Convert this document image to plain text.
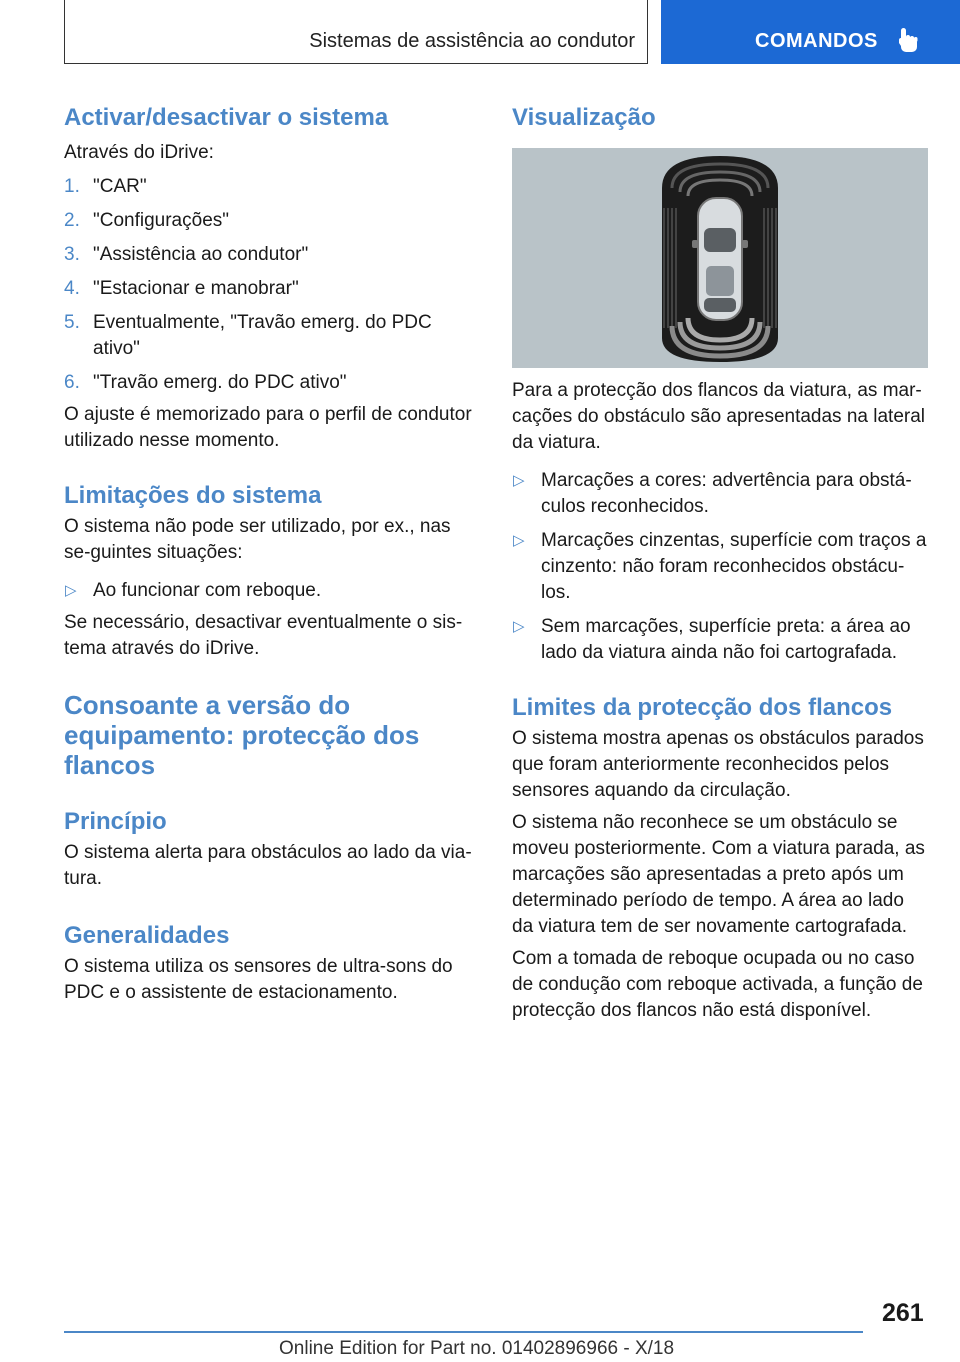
Sistemas de assistência ao condutor	COMANDOS
Activar/desactivar o sistema

Através do iDrive:

1. "CAR"
2. "Configurações"
3. "Assistência ao condutor"
4. "Estacionar e manobrar"
5. Eventualmente, "Travão emerg. do PDC ativo"
6. "Travão emerg. do PDC ativo"

O ajuste é memorizado para o perfil de condutor utilizado nesse momento.

Limitações do sistema

O sistema não pode ser utilizado, por ex., nas se‐guintes situações:

▷ Ao funcionar com reboque.

Se necessário, desactivar eventualmente o sis‐tema através do iDrive.

Consoante a versão do equipamento: protecção dos flancos
Princípio

O sistema alerta para obstáculos ao lado da via‐tura.

Generalidades

O sistema utiliza os sensores de ultra-sons do PDC e o assistente de estacionamento.

Visualização

Para a protecção dos flancos da viatura, as mar‐cações do obstáculo são apresentadas na lateral da viatura.

▷ Marcações a cores: advertência para obstá‐culos reconhecidos.
▷ Marcações cinzentas, superfície com traços a cinzento: não foram reconhecidos obstácu‐los.
▷ Sem marcações, superfície preta: a área ao lado da viatura ainda não foi cartografada.
Limites da protecção dos flancos

O sistema mostra apenas os obstáculos parados que foram anteriormente reconhecidos pelos sensores aquando da circulação.

O sistema não reconhece se um obstáculo se moveu posteriormente. Com a viatura parada, as marcações são apresentadas a preto após um determinado período de tempo. A área ao lado da viatura tem de ser novamente cartografada.

Com a tomada de reboque ocupada ou no caso de condução com reboque activada, a função de protecção dos flancos não está disponível.

261
Online Edition for Part no. 01402896966 - X/18
